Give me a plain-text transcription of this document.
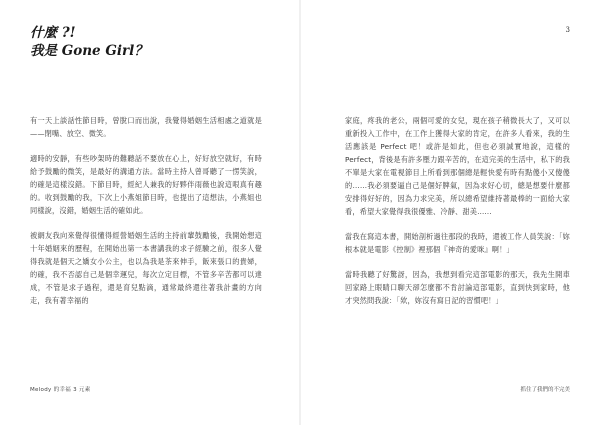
什麼 ?!
我是 Gone Girl？

有一天上談話性節目時，曾脫口而出說，我覺得婚姻生活相處之道就是——閉嘴、放空、微笑。

適時的安靜，有些吵架時的難聽話不要放在心上，好好放空就好，有時給予鼓勵的微笑，是最好的溝通方法。當時主持人曾哥聽了一愣笑說，的確是這樣沒錯。下節目時，經紀人兼我的好夥伴雨薇也說這哏真有趣的。收到鼓勵的我，下次上小燕姐節目時，也提出了這想法，小燕姐也同樣說，沒錯，婚姻生活的確如此。

被網友我向來覺得很懂得經營婚姻生活的主持前輩鼓勵後，我開始想這十年婚姻來的歷程，在開始出第一本書講我的求子經驗之前，很多人覺得我就是個天之嬌女小公主，也以為我是茶來伸手，飯來張口的貴婦，的確，我不否認自己是個幸運兒，每次立定目標，不管多辛苦都可以達成，不管是求子過程，還是育兒點滴，通常最終還往著我計畫的方向走，我有著幸福的

Melody 的幸福 3 元素
3

家庭，疼我的老公，兩個可愛的女兒，現在孩子稍微長大了，又可以重新投入工作中，在工作上獲得大家的肯定，在許多人看來，我的生活應該是 Perfect 吧！或許是如此，但也必須誠實地說，這樣的 Perfect，背後是有許多壓力跟辛苦的，在這完美的生活中，私下的我不單是大家在電視節目上所看到那個總是輕快愛有時有點傻小又傻傻的……我必須要逼自己是個好脾氣，因為求好心切，總是想要什麼都安排得好好的，因為力求完美，所以總希望維持著最棒的一面給大家看，希望大家覺得我很優雅、冷靜、甜美……

當我在寫這本書，開始剖析過往那段的我時，還被工作人員笑說：「妳根本就是電影《控制》裡那個『神奇的愛咪』啊！」

當時我聽了好驚訝，因為，我想到看完這部電影的那天，我先生開車回家路上眼睛口聊天卻怎麼都不肯討論這部電影，直到快到家時，他才突然問我說：「欸，妳沒有寫日記的習慣吧！」

抓住了我們的不完美
